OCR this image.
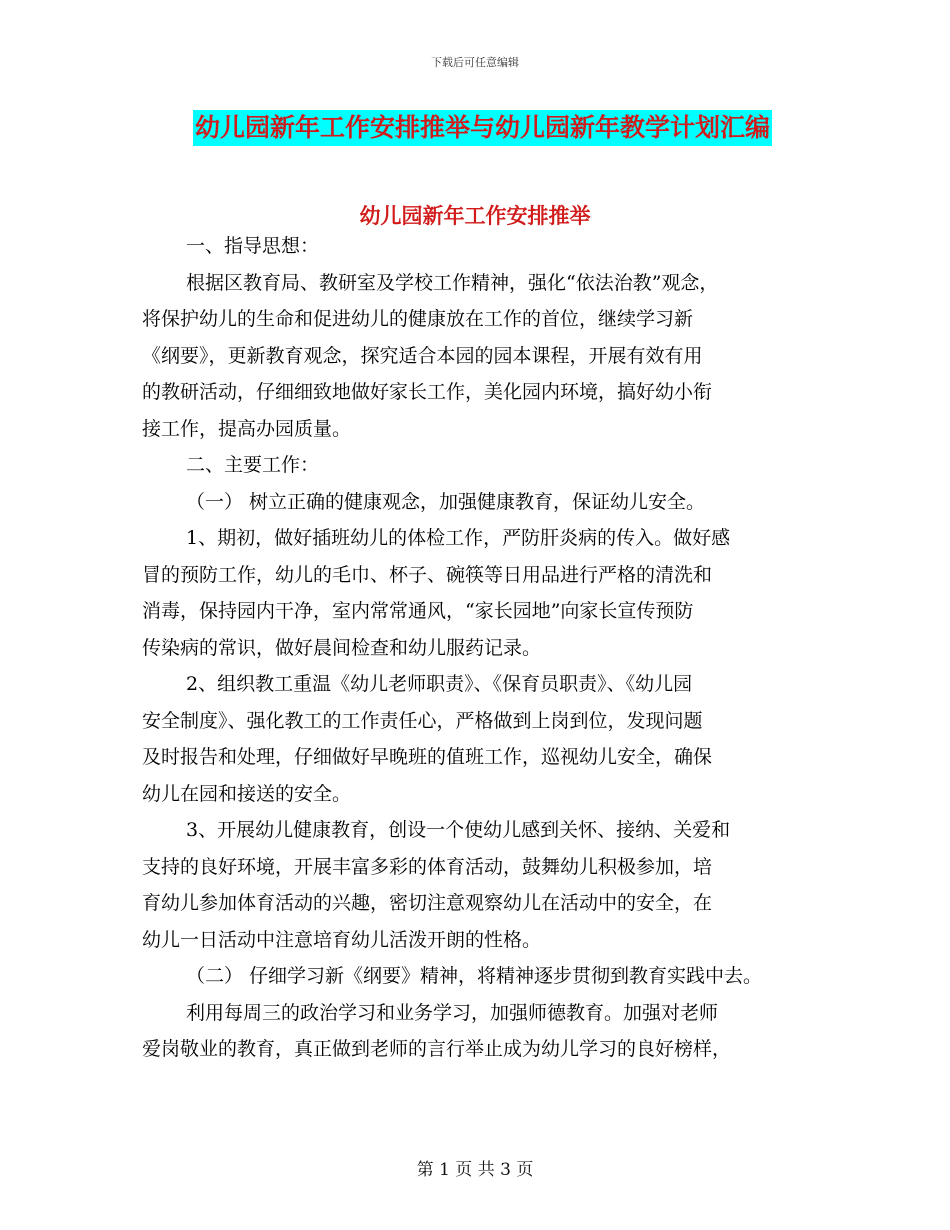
下载后可任意编辑
幼儿园新年工作安排推举与幼儿园新年教学计划汇编
幼儿园新年工作安排推举
一、指导思想：
根据区教育局、教研室及学校工作精神，强化“依法治教”观念，
将保护幼儿的生命和促进幼儿的健康放在工作的首位，继续学习新
《纲要》，更新教育观念，探究适合本园的园本课程，开展有效有用
的教研活动，仔细细致地做好家长工作，美化园内环境，搞好幼小衔
接工作，提高办园质量。
二、主要工作：
（一） 树立正确的健康观念，加强健康教育，保证幼儿安全。
1、期初，做好插班幼儿的体检工作，严防肝炎病的传入。做好感
冒的预防工作，幼儿的毛巾、杯子、碗筷等日用品进行严格的清洗和
消毒，保持园内干净，室内常常通风，“家长园地”向家长宣传预防
传染病的常识，做好晨间检查和幼儿服药记录。
2、组织教工重温《幼儿老师职责》、《保育员职责》、《幼儿园
安全制度》、强化教工的工作责任心，严格做到上岗到位，发现问题
及时报告和处理，仔细做好早晚班的值班工作，巡视幼儿安全，确保
幼儿在园和接送的安全。
3、开展幼儿健康教育，创设一个使幼儿感到关怀、接纳、关爱和
支持的良好环境，开展丰富多彩的体育活动，鼓舞幼儿积极参加，培
育幼儿参加体育活动的兴趣，密切注意观察幼儿在活动中的安全，在
幼儿一日活动中注意培育幼儿活泼开朗的性格。
（二） 仔细学习新《纲要》精神，将精神逐步贯彻到教育实践中去。
利用每周三的政治学习和业务学习，加强师德教育。加强对老师
爱岗敬业的教育，真正做到老师的言行举止成为幼儿学习的良好榜样，
第 1 页 共 3 页
